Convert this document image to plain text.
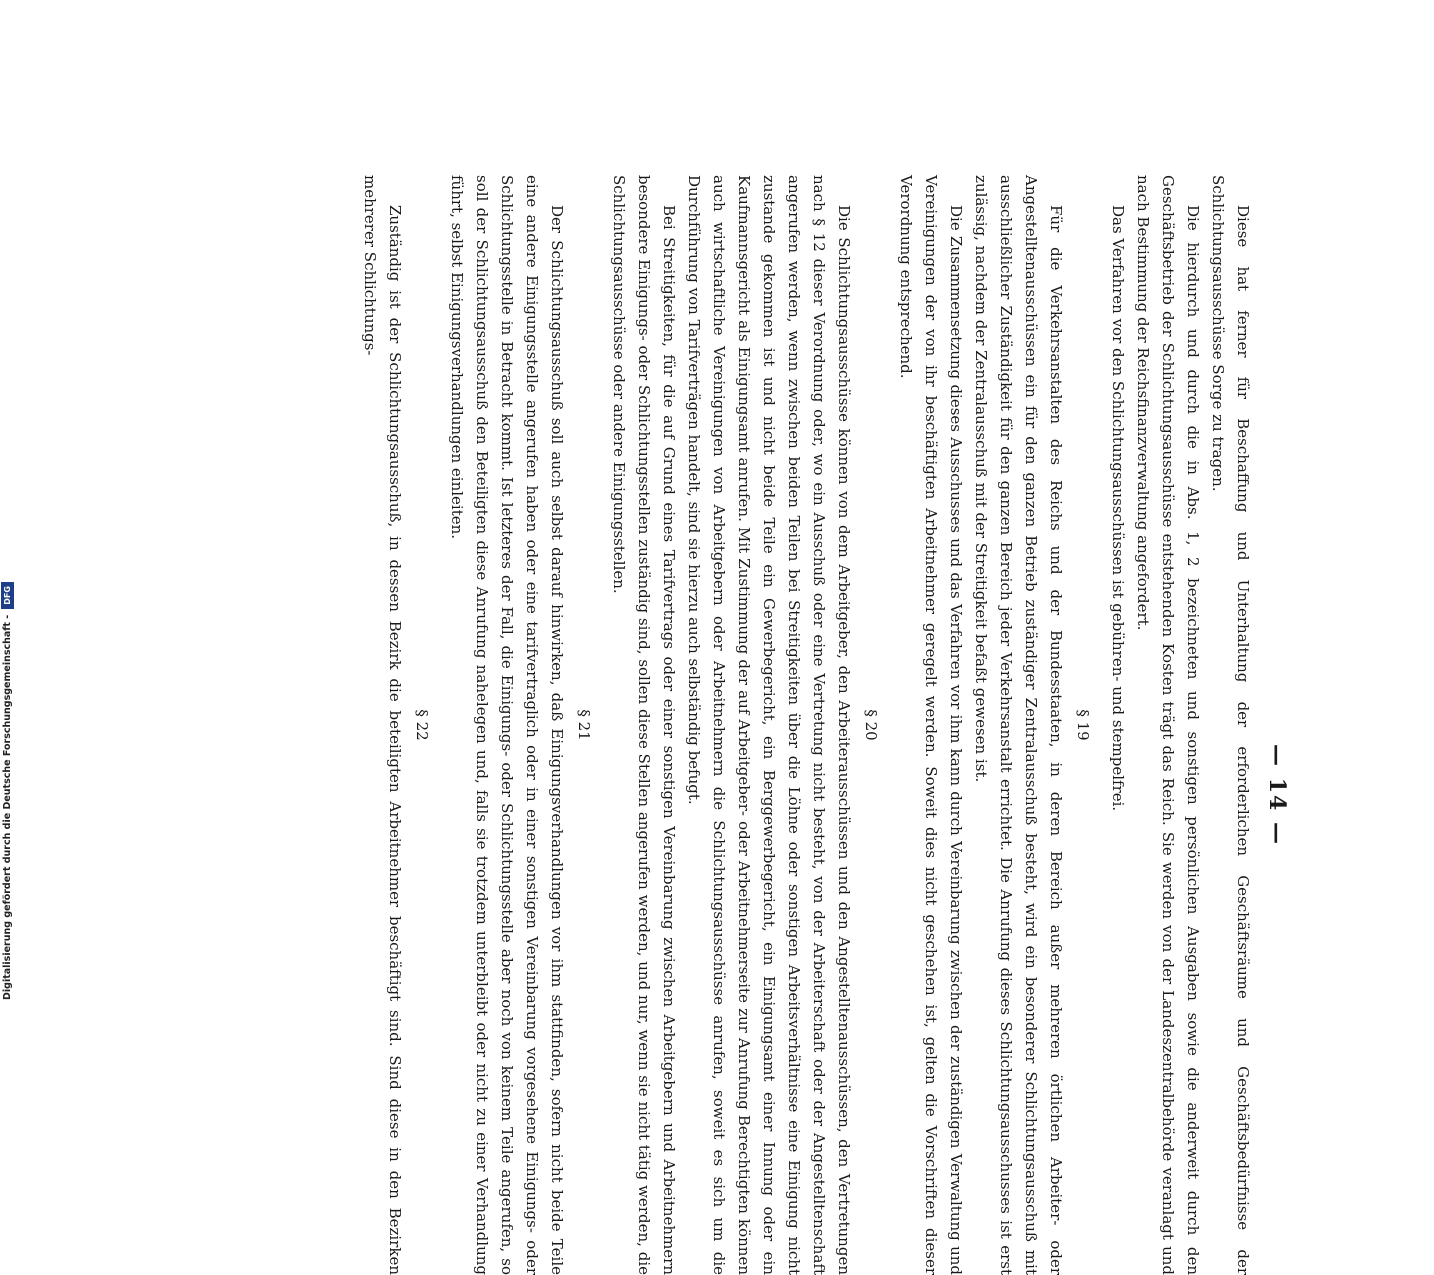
— 14 —

Diese hat ferner für Beschaffung und Unterhaltung der erforderlichen Geschäftsräume und Geschäftsbedürfnisse der Schlichtungsausschüsse Sorge zu tragen.

Die hierdurch und durch die in Abs. 1, 2 bezeichneten und sonstigen persönlichen Ausgaben sowie die anderweit durch den Geschäftsbetrieb der Schlichtungsausschüsse entstehenden Kosten trägt das Reich. Sie werden von der Landeszentralbehörde veranlagt und nach Bestimmung der Reichsfinanzverwaltung angefordert.

Das Verfahren vor den Schlichtungsausschüssen ist gebühren- und stempelfrei.

§ 19

Für die Verkehrsanstalten des Reichs und der Bundesstaaten, in deren Bereich außer mehreren örtlichen Arbeiter- oder Angestelltenausschüssen ein für den ganzen Betrieb zuständiger Zentralausschuß besteht, wird ein besonderer Schlichtungsausschuß mit ausschließlicher Zuständigkeit für den ganzen Bereich jeder Verkehrsanstalt errichtet. Die Anrufung dieses Schlichtungsausschusses ist erst zulässig, nachdem der Zentralausschuß mit der Streitigkeit befaßt gewesen ist.

Die Zusammensetzung dieses Ausschusses und das Verfahren vor ihm kann durch Vereinbarung zwischen der zuständigen Verwaltung und Vereinigungen der von ihr beschäftigten Arbeitnehmer geregelt werden. Soweit dies nicht geschehen ist, gelten die Vorschriften dieser Verordnung entsprechend.

§ 20

Die Schlichtungsausschüsse können von dem Arbeitgeber, den Arbeiterausschüssen und den Angestelltenausschüssen, den Vertretungen nach § 12 dieser Verordnung oder, wo ein Ausschuß oder eine Vertretung nicht besteht, von der Arbeiterschaft oder der Angestelltenschaft angerufen werden, wenn zwischen beiden Teilen bei Streitigkeiten über die Löhne oder sonstigen Arbeitsverhältnisse eine Einigung nicht zustande gekommen ist und nicht beide Teile ein Gewerbegericht, ein Berggewerbegericht, ein Einigungsamt einer Innung oder ein Kaufmannsgericht als Einigungsamt anrufen. Mit Zustimmung der auf Arbeitgeber- oder Arbeitnehmerseite zur Anrufung Berechtigten können auch wirtschaftliche Vereinigungen von Arbeitgebern oder Arbeitnehmern die Schlichtungsausschüsse anrufen, soweit es sich um die Durchführung von Tarifverträgen handelt, sind sie hierzu auch selbständig befugt.

Bei Streitigkeiten, für die auf Grund eines Tarifvertrags oder einer sonstigen Vereinbarung zwischen Arbeitgebern und Arbeitnehmern besondere Einigungs- oder Schlichtungsstellen zuständig sind, sollen diese Stellen angerufen werden, und nur, wenn sie nicht tätig werden, die Schlichtungsausschüsse oder andere Einigungsstellen.

§ 21

Der Schlichtungsausschuß soll auch selbst darauf hinwirken, daß Einigungsverhandlungen vor ihm stattfinden, sofern nicht beide Teile eine andere Einigungsstelle angerufen haben oder eine tarifvertraglich oder in einer sonstigen Vereinbarung vorgesehene Einigungs- oder Schlichtungsstelle in Betracht kommt. Ist letzteres der Fall, die Einigungs- oder Schlichtungsstelle aber noch von keinem Teile angerufen, so soll der Schlichtungsausschuß den Beteiligten diese Anrufung nahelegen und, falls sie trotzdem unterbleibt oder nicht zu einer Verhandlung führt, selbst Einigungsverhandlungen einleiten.

§ 22

Zuständig ist der Schlichtungsausschuß, in dessen Bezirk die beteiligten Arbeitnehmer beschäftigt sind. Sind diese in den Bezirken mehrerer Schlichtungs-

Digitalisierung gefördert durch die Deutsche Forschungsgemeinschaft -
DFG
